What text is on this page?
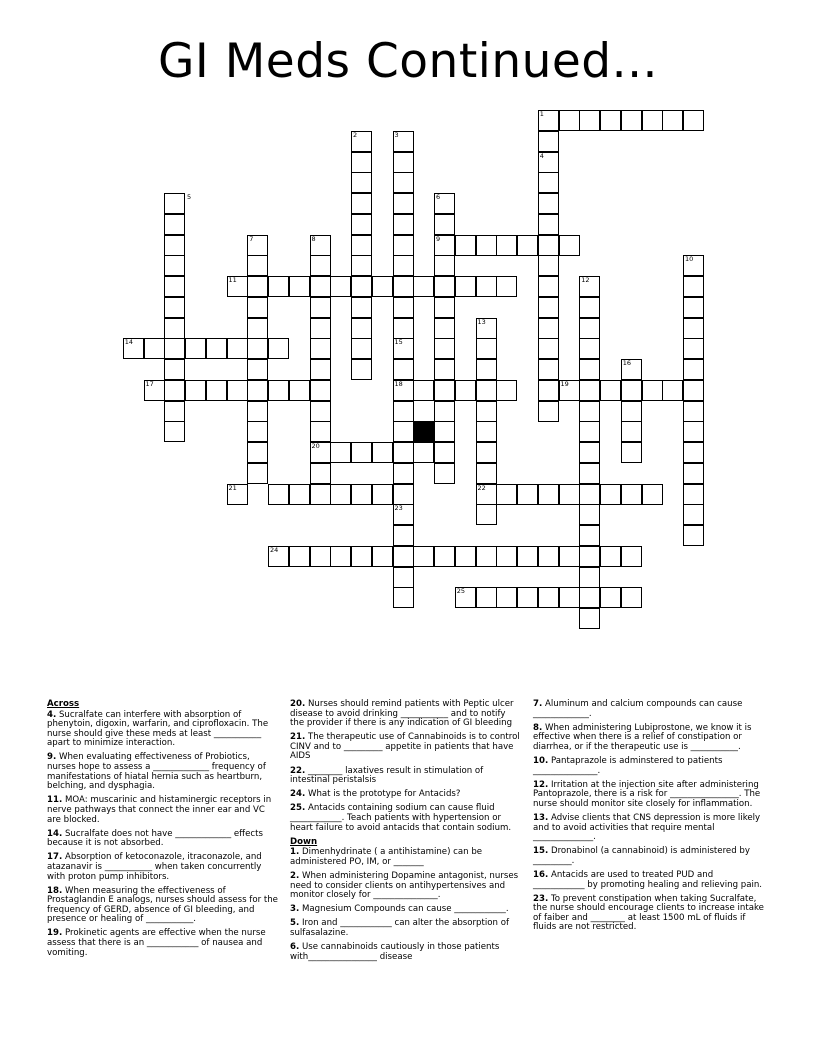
GI Meds Continued...
1
2	3
4
5	6
7	8	9
10
11	12
13
14	15
16
17	18	19
20
21	22
23
24
25
Across
4. Sucralfate can interfere with absorption of phenytoin, digoxin, warfarin, and ciprofloxacin. The nurse should give these meds at least ___________ apart to minimize interaction.
9. When evaluating effectiveness of Probiotics, nurses hope to assess a _____________ frequency of manifestations of hiatal hernia such as heartburn, belching, and dysphagia.
11. MOA: muscarinic and histaminergic receptors in nerve pathways that connect the inner ear and VC are blocked.
14. Sucralfate does not have _____________ effects because it is not absorbed.
17. Absorption of ketoconazole, itraconazole, and atazanavir is ___________ when taken concurrently with proton pump inhibitors.
18. When measuring the effectiveness of Prostaglandin E analogs, nurses should assess for the frequency of GERD, absence of GI bleeding, and presence or healing of ___________.
19. Prokinetic agents are effective when the nurse assess that there is an ____________ of nausea and vomiting.
20. Nurses should remind patients with Peptic ulcer disease to avoid drinking ___________ and to notify the provider if there is any indication of GI bleeding
21. The therapeutic use of Cannabinoids is to control CINV and to _________ appetite in patients that have AIDS
22. ________ laxatives result in stimulation of intestinal peristalsis
24. What is the prototype for Antacids?
25. Antacids containing sodium can cause fluid ____________. Teach patients with hypertension or heart failure to avoid antacids that contain sodium.
Down
1. Dimenhydrinate ( a antihistamine) can be administered PO, IM, or _______
2. When administering Dopamine antagonist, nurses need to consider clients on antihypertensives and monitor closely for _______________.
3. Magnesium Compounds can cause ____________.
5. Iron and ____________ can alter the absorption of sulfasalazine.
6. Use cannabinoids cautiously in those patients with________________ disease
7. Aluminum and calcium compounds can cause _____________.
8. When administering Lubiprostone, we know it is effective when there is a relief of constipation or diarrhea, or if the therapeutic use is ___________.
10. Pantaprazole is adminstered to patients _______________.
12. Irritation at the injection site after administering Pantoprazole, there is a risk for ________________. The nurse should monitor site closely for inflammation.
13. Advise clients that CNS depression is more likely and to avoid activities that require mental ______________.
15. Dronabinol (a cannabinoid) is administered by _________.
16. Antacids are used to treated PUD and ____________ by promoting healing and relieving pain.
23. To prevent constipation when taking Sucralfate, the nurse should encourage clients to increase intake of faiber and ________ at least 1500 mL of fluids if fluids are not restricted.
